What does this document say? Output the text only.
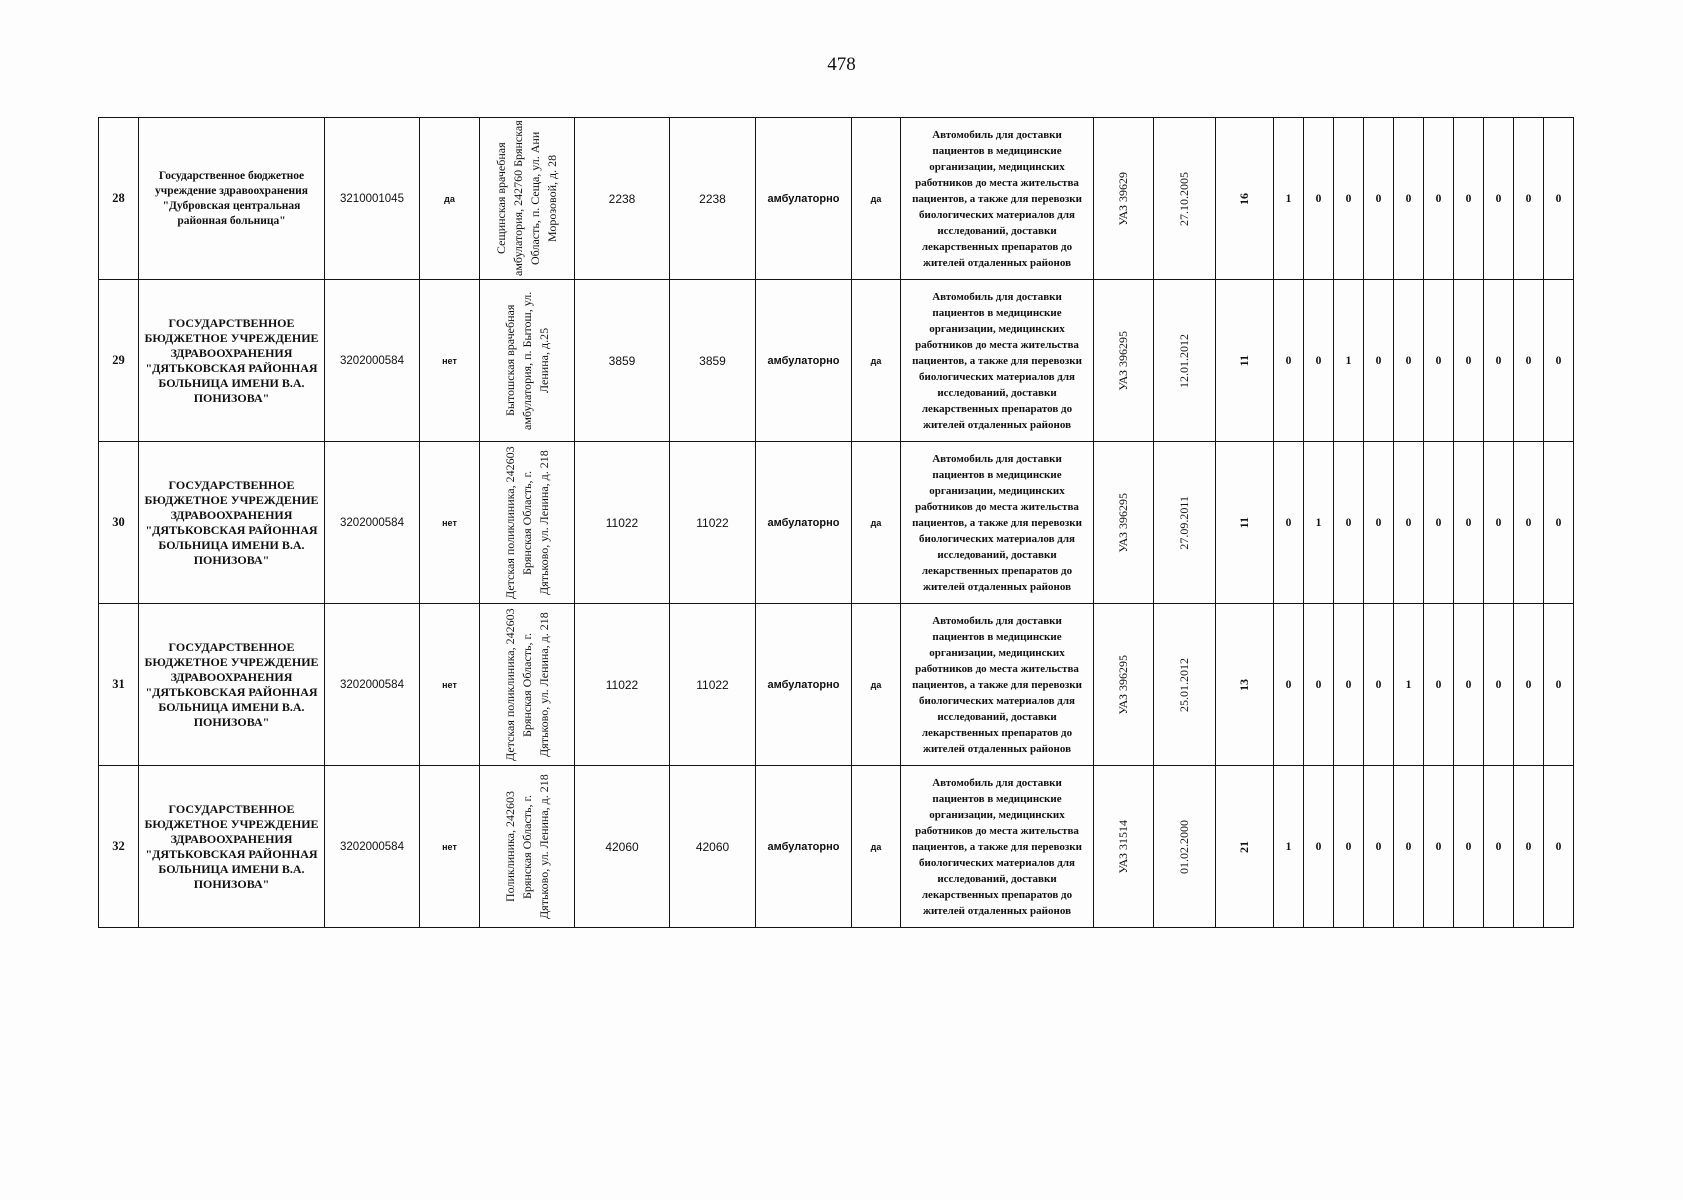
478
28	Государственное бюджетное учреждение здравоохранения "Дубровская центральная районная больница"	3210001045	да	Сещинская врачебная амбулатория, 242760 Брянская Область, п. Сеща, ул. Ани Морозовой, д. 28	2238	2238	амбулаторно	да	Автомобиль для доставки пациентов в медицинские организации, медицинских работников до места жительства пациентов, а также для перевозки биологических материалов для исследований, доставки лекарственных препаратов до жителей отдаленных районов	УАЗ 39629	27.10.2005	16	1	0	0	0	0	0	0	0	0	0
29	ГОСУДАРСТВЕННОЕ БЮДЖЕТНОЕ УЧРЕЖДЕНИЕ ЗДРАВООХРАНЕНИЯ "ДЯТЬКОВСКАЯ РАЙОННАЯ БОЛЬНИЦА ИМЕНИ В.А. ПОНИЗОВА"	3202000584	нет	Бытошская врачебная амбулатория, п. Бытош, ул. Ленина, д.25	3859	3859	амбулаторно	да	Автомобиль для доставки пациентов в медицинские организации, медицинских работников до места жительства пациентов, а также для перевозки биологических материалов для исследований, доставки лекарственных препаратов до жителей отдаленных районов	УАЗ 396295	12.01.2012	11	0	0	1	0	0	0	0	0	0	0
30	ГОСУДАРСТВЕННОЕ БЮДЖЕТНОЕ УЧРЕЖДЕНИЕ ЗДРАВООХРАНЕНИЯ "ДЯТЬКОВСКАЯ РАЙОННАЯ БОЛЬНИЦА ИМЕНИ В.А. ПОНИЗОВА"	3202000584	нет	Детская поликлиника, 242603 Брянская Область, г. Дятьково, ул. Ленина, д. 218	11022	11022	амбулаторно	да	Автомобиль для доставки пациентов в медицинские организации, медицинских работников до места жительства пациентов, а также для перевозки биологических материалов для исследований, доставки лекарственных препаратов до жителей отдаленных районов	УАЗ 396295	27.09.2011	11	0	1	0	0	0	0	0	0	0	0
31	ГОСУДАРСТВЕННОЕ БЮДЖЕТНОЕ УЧРЕЖДЕНИЕ ЗДРАВООХРАНЕНИЯ "ДЯТЬКОВСКАЯ РАЙОННАЯ БОЛЬНИЦА ИМЕНИ В.А. ПОНИЗОВА"	3202000584	нет	Детская поликлиника, 242603 Брянская Область, г. Дятьково, ул. Ленина, д. 218	11022	11022	амбулаторно	да	Автомобиль для доставки пациентов в медицинские организации, медицинских работников до места жительства пациентов, а также для перевозки биологических материалов для исследований, доставки лекарственных препаратов до жителей отдаленных районов	УАЗ 396295	25.01.2012	13	0	0	0	0	1	0	0	0	0	0
32	ГОСУДАРСТВЕННОЕ БЮДЖЕТНОЕ УЧРЕЖДЕНИЕ ЗДРАВООХРАНЕНИЯ "ДЯТЬКОВСКАЯ РАЙОННАЯ БОЛЬНИЦА ИМЕНИ В.А. ПОНИЗОВА"	3202000584	нет	Поликлиника, 242603 Брянская Область, г. Дятьково, ул. Ленина, д. 218	42060	42060	амбулаторно	да	Автомобиль для доставки пациентов в медицинские организации, медицинских работников до места жительства пациентов, а также для перевозки биологических материалов для исследований, доставки лекарственных препаратов до жителей отдаленных районов	УАЗ 31514	01.02.2000	21	1	0	0	0	0	0	0	0	0	0
